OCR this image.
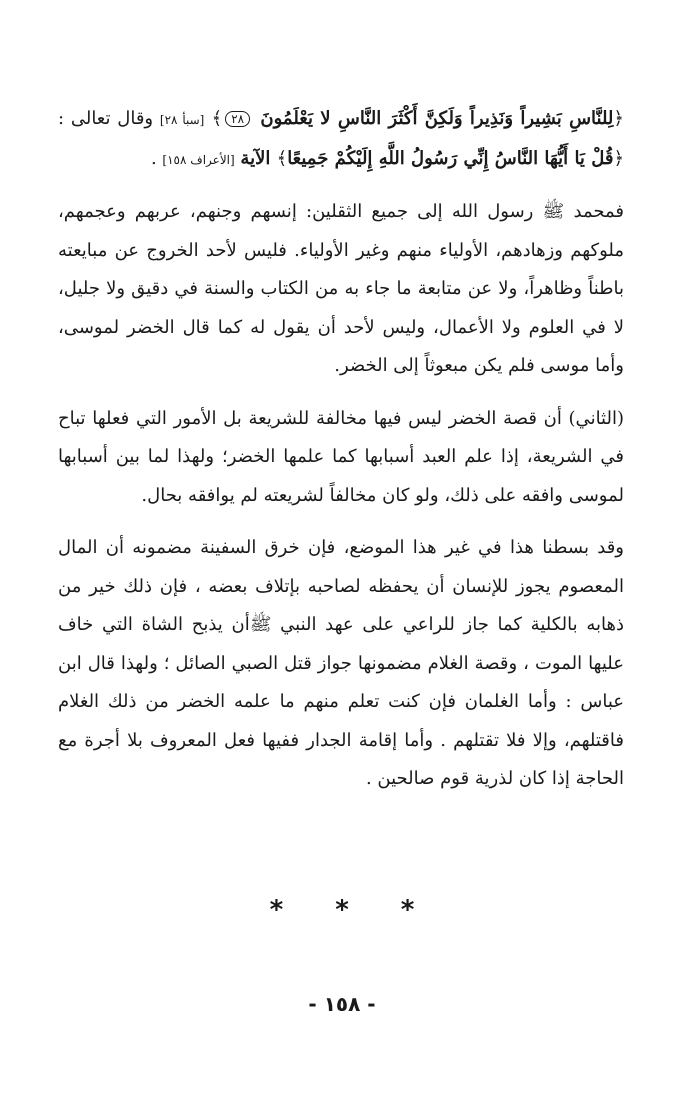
﴿لِلنَّاسِ بَشِيراً وَنَذِيراً وَلَكِنَّ أَكْثَرَ النَّاسِ لا يَعْلَمُونَ ٢٨﴾ [سبأ ٢٨] وقال تعالى : ﴿قُلْ يَا أَيُّهَا النَّاسُ إِنِّي رَسُولُ اللَّهِ إِلَيْكُمْ جَمِيعًا﴾ الآية [الأعراف ١٥٨] .

فمحمد ﷺ رسول الله إلى جميع الثقلين: إنسهم وجنهم، عربهم وعجمهم، ملوكهم وزهادهم، الأولياء منهم وغير الأولياء. فليس لأحد الخروج عن مبايعته باطناً وظاهراً، ولا عن متابعة ما جاء به من الكتاب والسنة في دقيق ولا جليل، لا في العلوم ولا الأعمال، وليس لأحد أن يقول له كما قال الخضر لموسى، وأما موسى فلم يكن مبعوثاً إلى الخضر.

(الثاني) أن قصة الخضر ليس فيها مخالفة للشريعة بل الأمور التي فعلها تباح في الشريعة، إذا علم العبد أسبابها كما علمها الخضر؛ ولهذا لما بين أسبابها لموسى وافقه على ذلك، ولو كان مخالفاً لشريعته لم يوافقه بحال.

وقد بسطنا هذا في غير هذا الموضع، فإن خرق السفينة مضمونه أن المال المعصوم يجوز للإنسان أن يحفظه لصاحبه بإتلاف بعضه ، فإن ذلك خير من ذهابه بالكلية كما جاز للراعي على عهد النبي ﷺأن يذبح الشاة التي خاف عليها الموت ، وقصة الغلام مضمونها جواز قتل الصبي الصائل ؛ ولهذا قال ابن عباس : وأما الغلمان فإن كنت تعلم منهم ما علمه الخضر من ذلك الغلام فاقتلهم، وإلا فلا تقتلهم . وأما إقامة الجدار ففيها فعل المعروف بلا أجرة مع الحاجة إذا كان لذرية قوم صالحين .

* * *
- ١٥٨ -
